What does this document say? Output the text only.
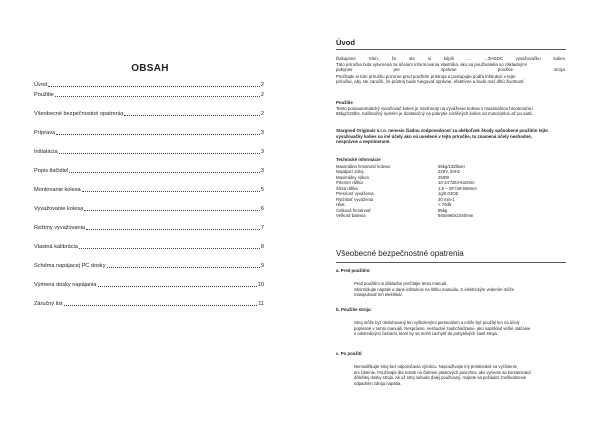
OBSAH
Úvod	2
Použitie	2
Všeobecné bezpečnostné opatrenia	2
Príprava	3
Inštalácia	3
Popis tlačidiel	3
Montovanie kolesa	5
Vyvažovanie kolesa	6
Režimy vyvažovania	7
Vlastná kalibrácia	8
Schéma napájacej PC dosky	9
Výmena dosky napájania	10
Záručný list	11
Úvod
Ďakujeme Vám, že ste si kúpili .... ...3HSDC vyvažovačku kolies.
Táto príručka bola vytvorená za účelom informovania vlastníka, ako sú používatelia so základnými
pokynmi pre správne použitie stroja.
Prečítajte si túto príručku pozorne pred použitím prístroja a postupujte podľa inštrukcií v tejto
príručke, aby ste zaručili, že prístroj bude fungovať správne, efektívne a bude mať dlhú životnosť.
Použitie
Tento poloautomatický vyvažovač kolies je navrhnutý na vyváženie kolesa s maximálnou hmotnosťou
65kg/132lbs. Kalibračný systém je dostatočný na pokrytie rozličných kolies od motocyklov až po autá.
Stargood Originals s.r.o. nenesie žiadnu zodpovednosť za akékoľvek škody spôsobené použitím tejto
vyvažovačky kolies na iné účely ako sú uvedené v tejto príručke, to znamená účely neshodné,
nesprávne a neprimerané.
Technické informácie
Maximálna hmotnosť kolesa:	65kg/132lbser
Napájací zdroj	220V, 50Hz
Maximálny výkon	250W
Priemer ráfika	10-24"/254-610mm
Šírka ráfika	1,5 – 20"/38-508mm
Presnosť vyváženia	1g/0.03OZ
Rýchlosť vyváženia	20 min-1
Hluk	< 70db
Celková hmotnosť	95kg
Veľkosť balenia	940x860x1040mm
Všeobecné bezpečnostné opatrenia
a. Pred použitím:
Pred použitím si dôkladne prečítajte tento manuál.
Skontrolujte napätie a dané inštrukcie na štítku manuálu. S elektrickým vedením môže
manipulovať len elektrikár.
b. Použitie stroja:
Stroj môže byť obsluhovaný len vyškolenými personálom a môže byť použitý len na účely
popísané v tomto manuáli. Nesprávne, neshodné zaobchádzanie, ako napríklad veľké otáčanie
s odstredivými časťami, ktoré by sa mohli zachytiť do pohyblivých častí stroja.
c. Po použití:
Nemodifikujte stroj bez odporúčania výrobcu. Nepoužívajte iný prostriedok na vyčistenie
ani čistenie. Používajte iba roztok na čistenie plastových povrchov, ako vyhnete sa kontaminácii
dôležitej dosky stroja. Ak už stroj nebude ďalej používaný, mojtete sa požiadať zneškodnenie
odpadním zdroja napätia.
